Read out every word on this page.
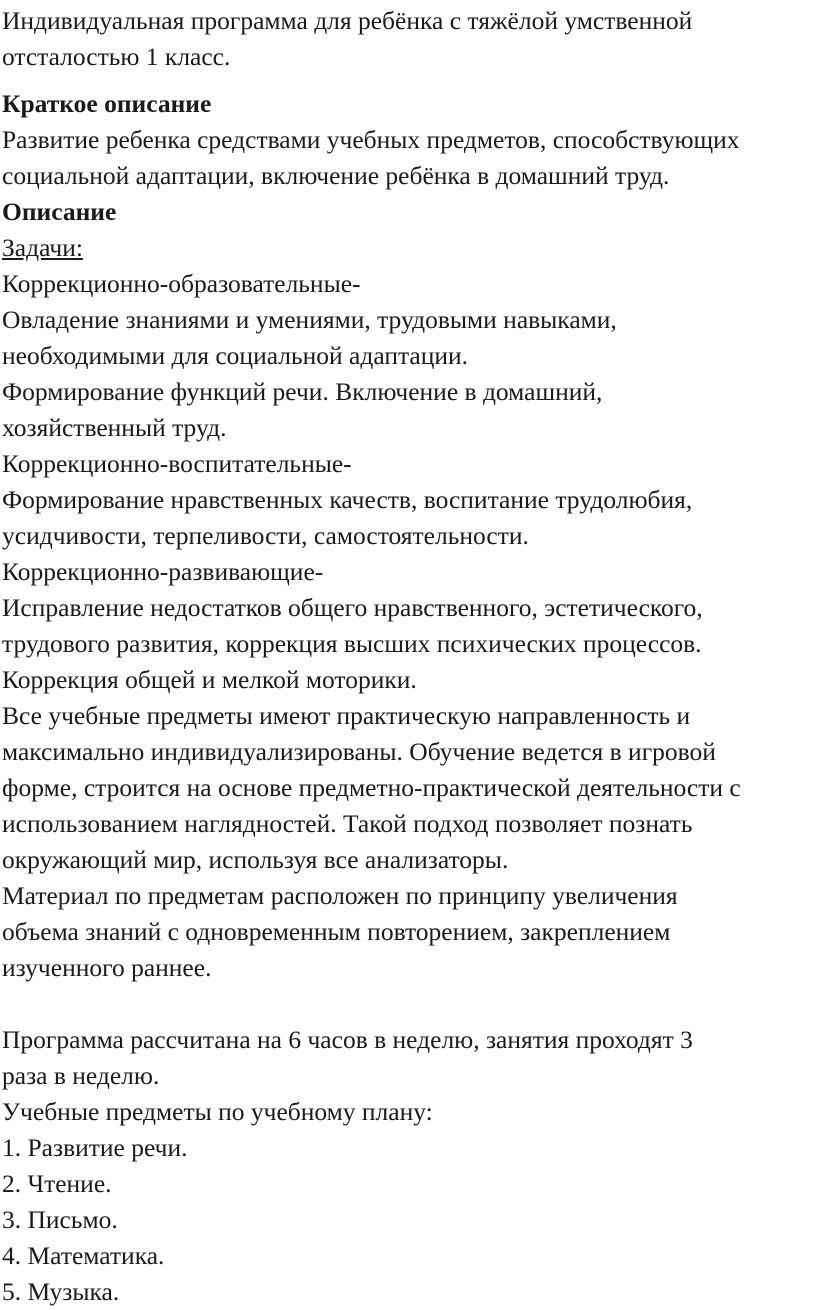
Индивидуальная программа для ребёнка с тяжёлой умственной
отсталостью 1 класс.
Краткое описание
Развитие ребенка средствами учебных предметов, способствующих
социальной адаптации, включение ребёнка в домашний труд.
Описание
Задачи:
Коррекционно-образовательные-
Овладение знаниями и умениями, трудовыми навыками,
необходимыми для социальной адаптации.
Формирование функций речи. Включение в домашний,
хозяйственный труд.
Коррекционно-воспитательные-
Формирование нравственных качеств, воспитание трудолюбия,
усидчивости, терпеливости, самостоятельности.
Коррекционно-развивающие-
Исправление недостатков общего нравственного, эстетического,
трудового развития, коррекция высших психических процессов.
Коррекция общей и мелкой моторики.
Все учебные предметы имеют практическую направленность и
максимально индивидуализированы. Обучение ведется в игровой
форме, строится на основе предметно-практической деятельности с
использованием наглядностей. Такой подход позволяет познать
окружающий мир, используя все анализаторы.
Материал по предметам расположен по принципу увеличения
объема знаний с одновременным повторением, закреплением
изученного раннее.
Программа рассчитана на 6 часов в неделю, занятия проходят 3
раза в неделю.
Учебные предметы по учебному плану:
1. Развитие речи.
2. Чтение.
3. Письмо.
4. Математика.
5. Музыка.
